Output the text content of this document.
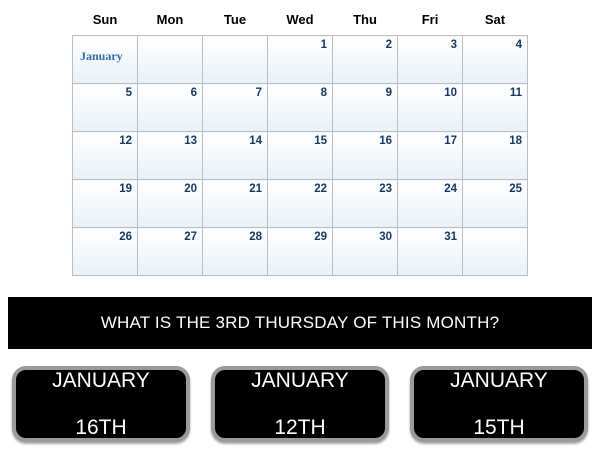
Sun	Mon	Tue	Wed	Thu	Fri	Sat

January			1	2	3	4

5	6	7	8	9	10	11

12	13	14	15	16	17	18

19	20	21	22	23	24	25

26	27	28	29	30	31	

WHAT IS THE 3RD THURSDAY OF THIS MONTH?
JANUARY

16TH
JANUARY

12TH
JANUARY

15TH
